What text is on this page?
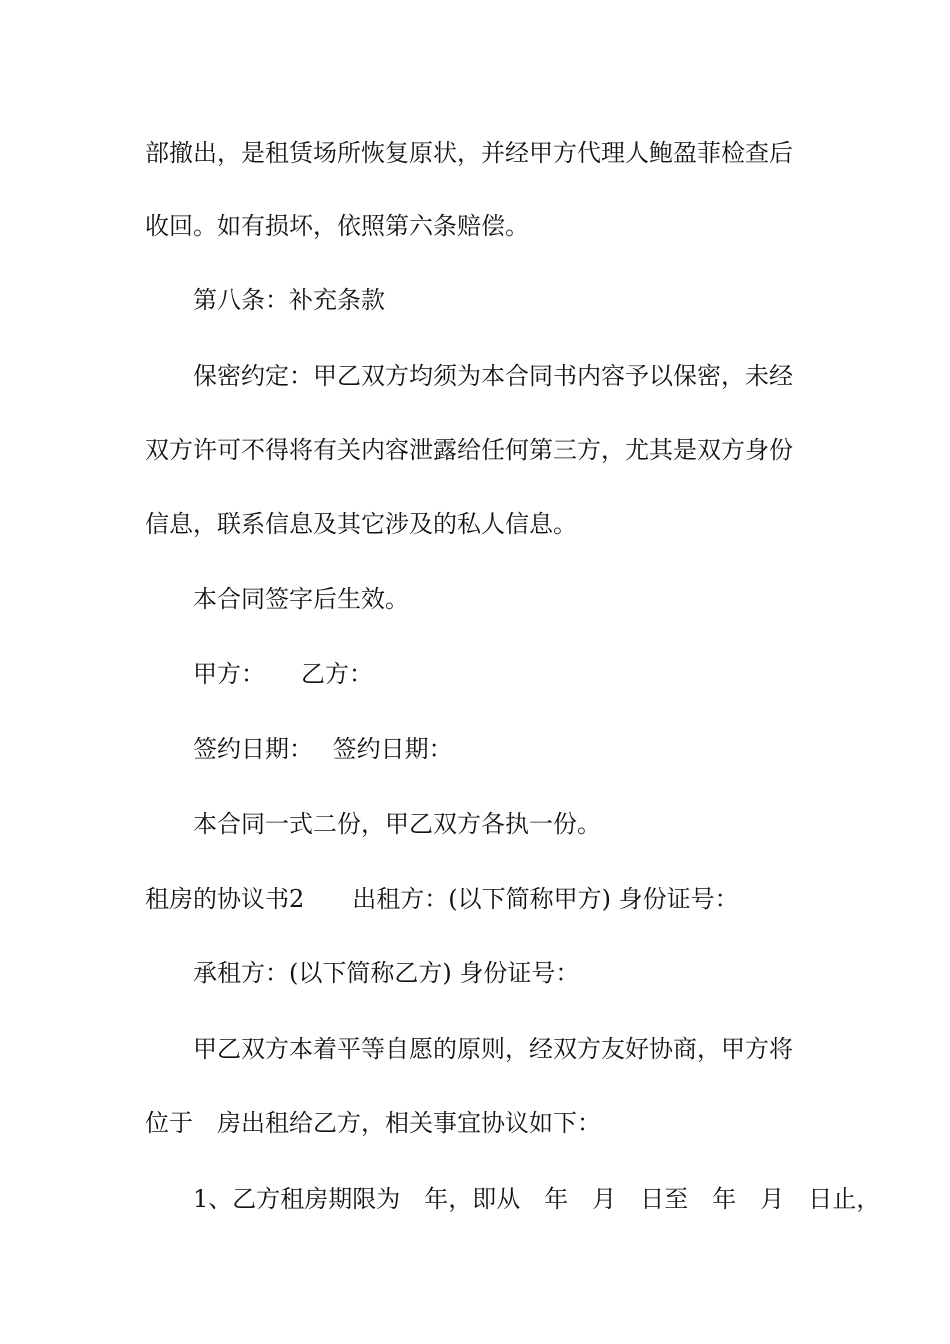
部撤出，是租赁场所恢复原状，并经甲方代理人鲍盈菲检查后
收回。如有损坏，依照第六条赔偿。
第八条：补充条款
保密约定：甲乙双方均须为本合同书内容予以保密，未经
双方许可不得将有关内容泄露给任何第三方，尤其是双方身份
信息，联系信息及其它涉及的私人信息。
本合同签字后生效。
甲方：　　乙方：
签约日期：　 签约日期：
本合同一式二份，甲乙双方各执一份。
租房的协议书2　　出租方：(以下简称甲方) 身份证号：
承租方：(以下简称乙方) 身份证号：
甲乙双方本着平等自愿的原则，经双方友好协商，甲方将
位于　房出租给乙方，相关事宜协议如下：
1、乙方租房期限为　年，即从　年　月　日至　年　月　日止，
